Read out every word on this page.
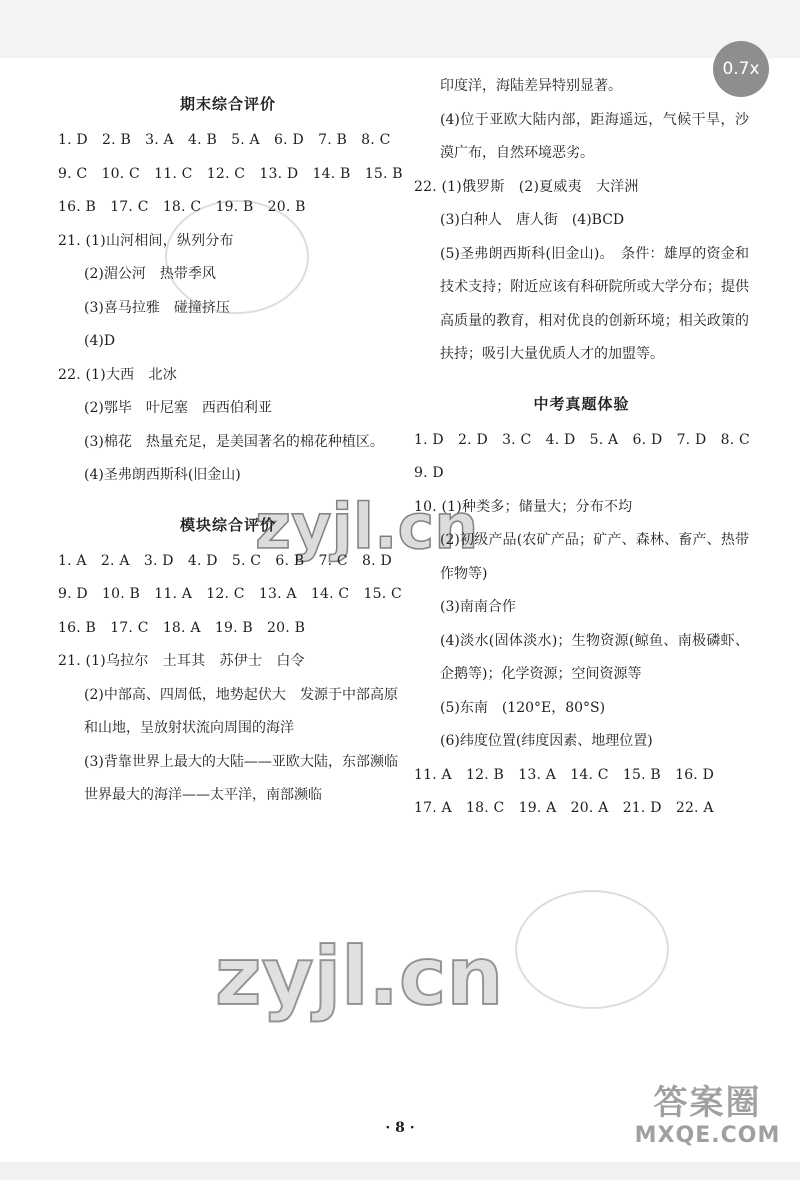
0.7x
期末综合评价
1. D　2. B　3. A　4. B　5. A　6. D　7. B　8. C
9. C　10. C　11. C　12. C　13. D　14. B　15. B
16. B　17. C　18. C　19. B　20. B
21. (1)山河相间，纵列分布
(2)湄公河　热带季风
(3)喜马拉雅　碰撞挤压
(4)D
22. (1)大西　北冰
(2)鄂毕　叶尼塞　西西伯利亚
(3)棉花　热量充足，是美国著名的棉花种植区。
(4)圣弗朗西斯科(旧金山)
模块综合评价
1. A　2. A　3. D　4. D　5. C　6. B　7. C　8. D
9. D　10. B　11. A　12. C　13. A　14. C　15. C
16. B　17. C　18. A　19. B　20. B
21. (1)乌拉尔　土耳其　苏伊士　白令
(2)中部高、四周低，地势起伏大　发源于中部高原和山地，呈放射状流向周围的海洋
(3)背靠世界上最大的大陆——亚欧大陆，东部濒临世界最大的海洋——太平洋，南部濒临
印度洋，海陆差异特别显著。
(4)位于亚欧大陆内部，距海遥远，气候干旱，沙漠广布，自然环境恶劣。
22. (1)俄罗斯　(2)夏威夷　大洋洲
(3)白种人　唐人街　(4)BCD
(5)圣弗朗西斯科(旧金山)。　条件：雄厚的资金和技术支持；附近应该有科研院所或大学分布；提供高质量的教育，相对优良的创新环境；相关政策的扶持；吸引大量优质人才的加盟等。
中考真题体验
1. D　2. D　3. C　4. D　5. A　6. D　7. D　8. C
9. D
10. (1)种类多；储量大；分布不均
(2)初级产品(农矿产品；矿产、森林、畜产、热带作物等)
(3)南南合作
(4)淡水(固体淡水)；生物资源(鲸鱼、南极磷虾、企鹅等)；化学资源；空间资源等
(5)东南　(120°E，80°S)
(6)纬度位置(纬度因素、地理位置)
11. A　12. B　13. A　14. C　15. B　16. D
17. A　18. C　19. A　20. A　21. D　22. A
· 8 ·
答案圈
MXQE.COM
